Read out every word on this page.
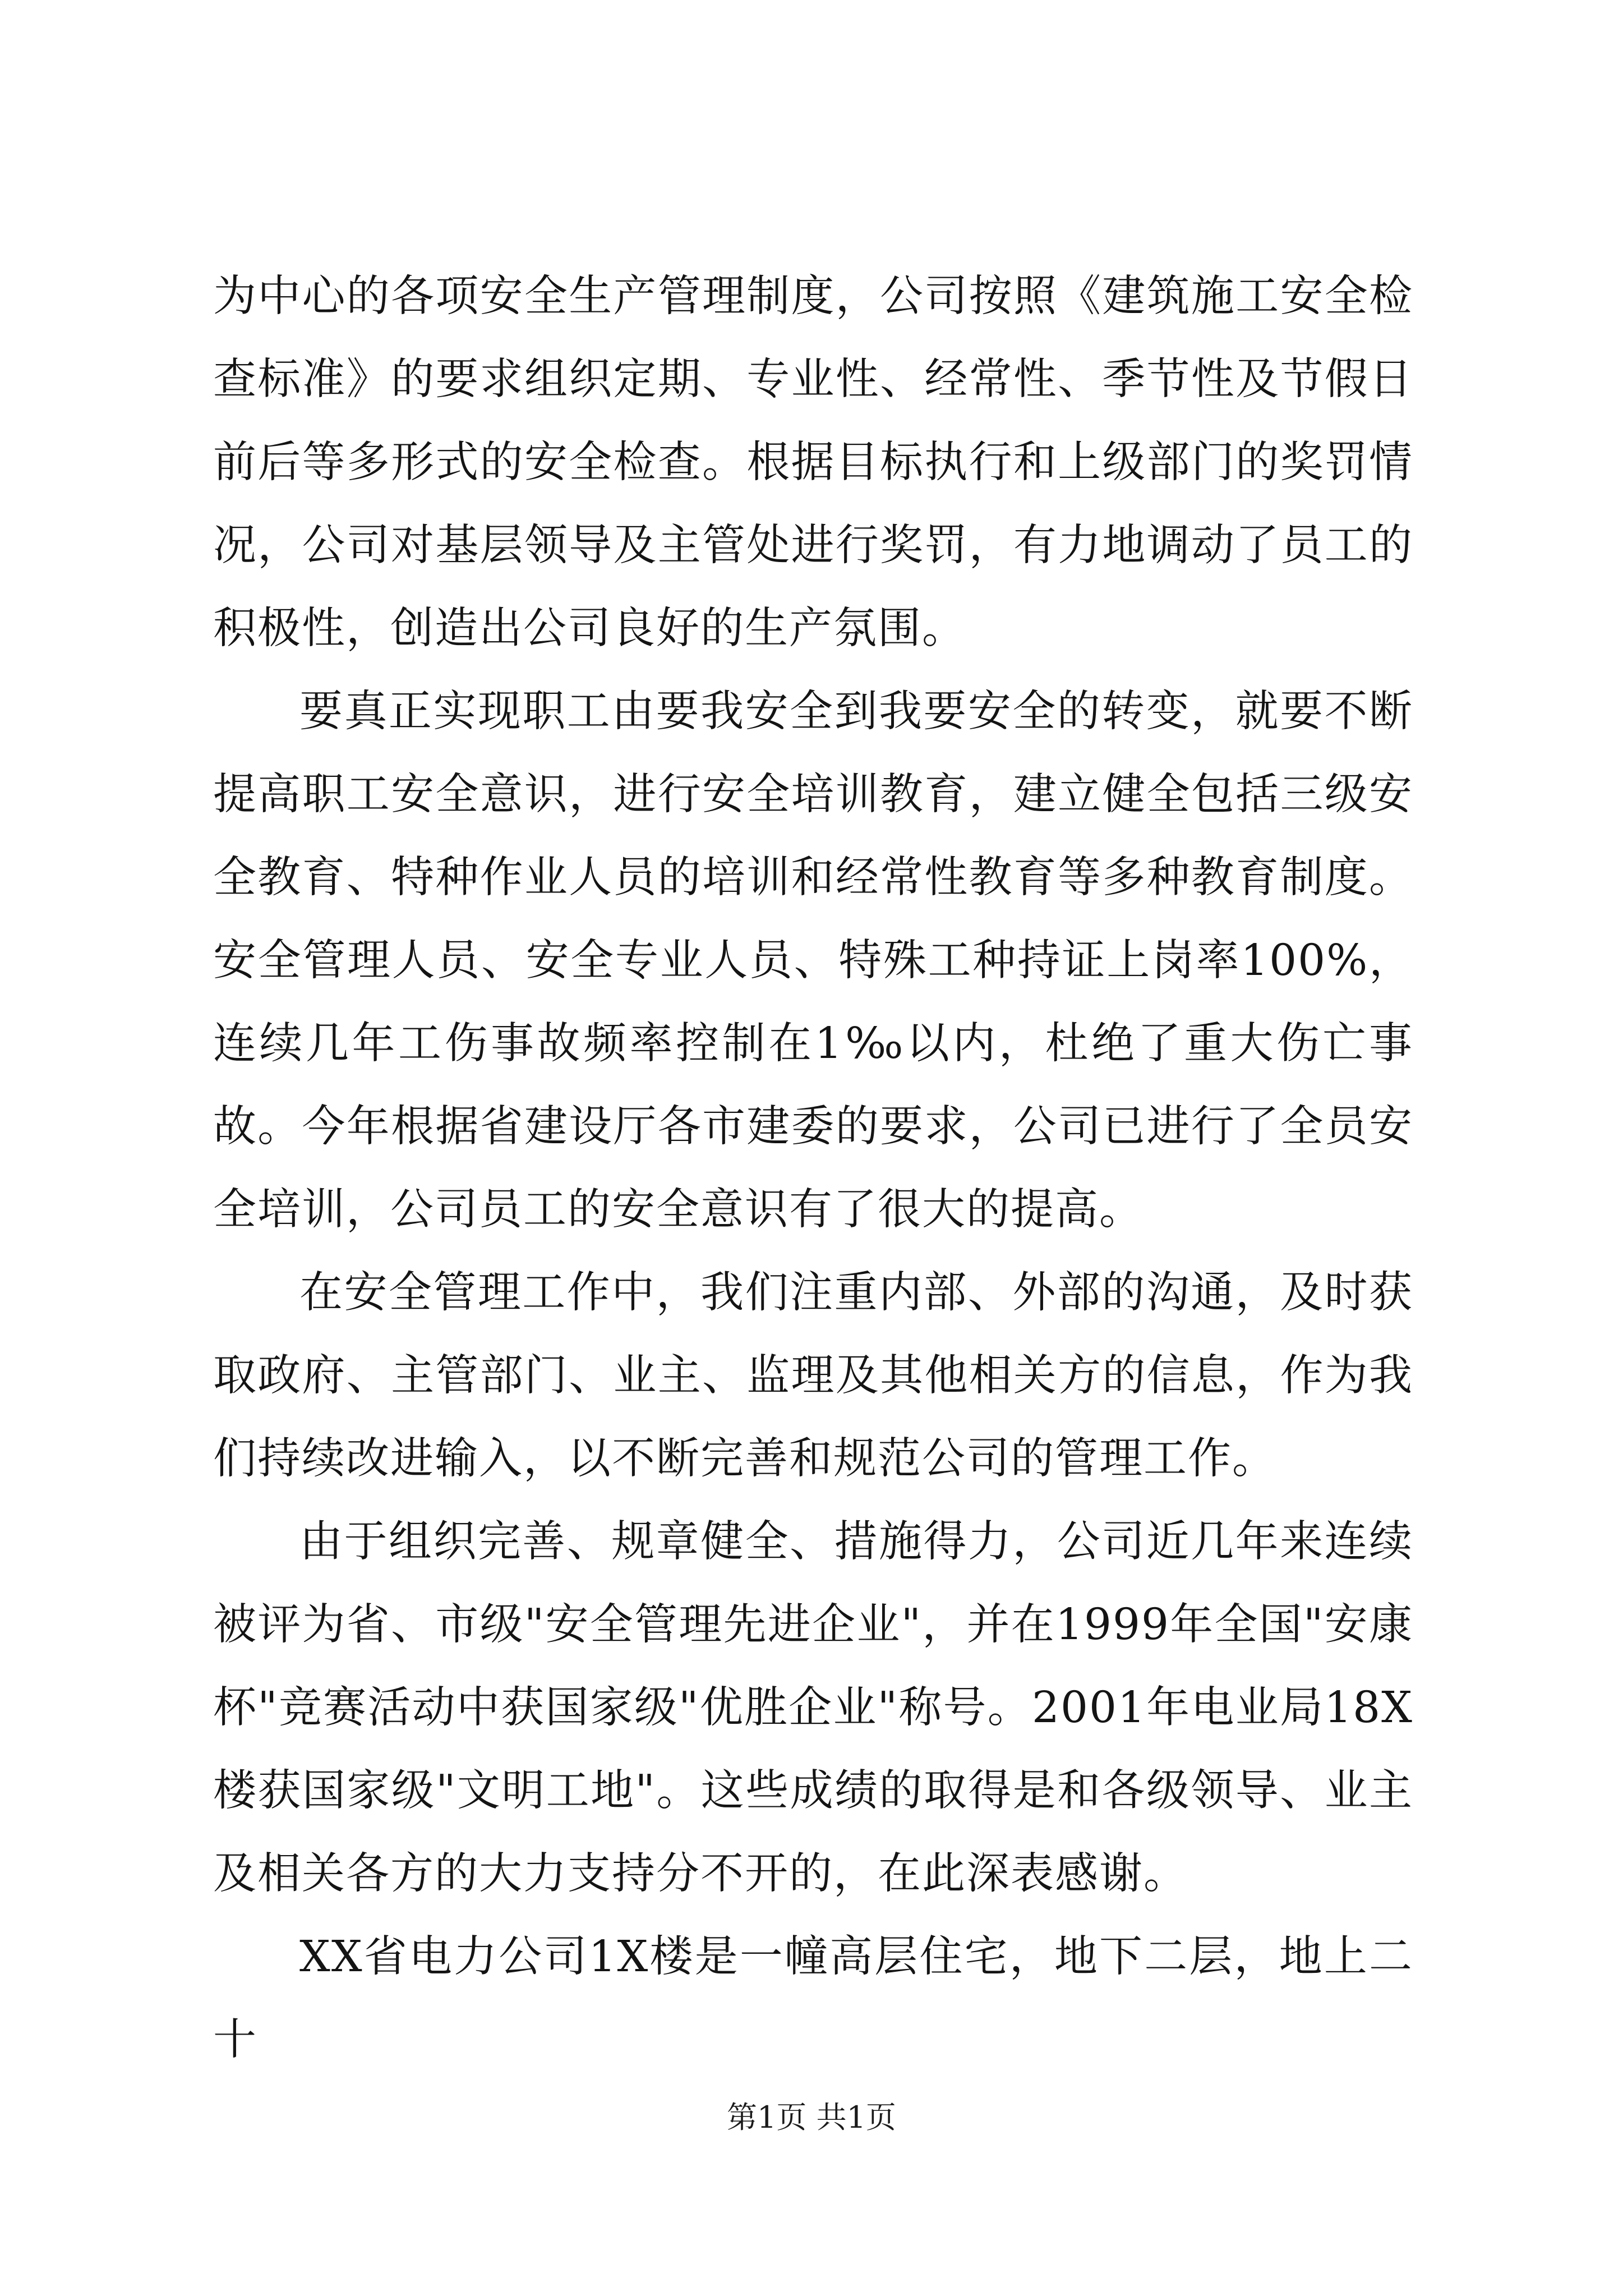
为中心的各项安全生产管理制度，公司按照《建筑施工安全检查标准》的要求组织定期、专业性、经常性、季节性及节假日前后等多形式的安全检查。根据目标执行和上级部门的奖罚情况，公司对基层领导及主管处进行奖罚，有力地调动了员工的积极性，创造出公司良好的生产氛围。

要真正实现职工由要我安全到我要安全的转变，就要不断提高职工安全意识，进行安全培训教育，建立健全包括三级安全教育、特种作业人员的培训和经常性教育等多种教育制度。安全管理人员、安全专业人员、特殊工种持证上岗率100%，连续几年工伤事故频率控制在1‰以内，杜绝了重大伤亡事故。今年根据省建设厅各市建委的要求，公司已进行了全员安全培训，公司员工的安全意识有了很大的提高。

在安全管理工作中，我们注重内部、外部的沟通，及时获取政府、主管部门、业主、监理及其他相关方的信息，作为我们持续改进输入，以不断完善和规范公司的管理工作。

由于组织完善、规章健全、措施得力，公司近几年来连续被评为省、市级"安全管理先进企业"，并在1999年全国"安康杯"竞赛活动中获国家级"优胜企业"称号。2001年电业局18X楼获国家级"文明工地"。这些成绩的取得是和各级领导、业主及相关各方的大力支持分不开的，在此深表感谢。

XX省电力公司1X楼是一幢高层住宅，地下二层，地上二十

第1页 共1页
